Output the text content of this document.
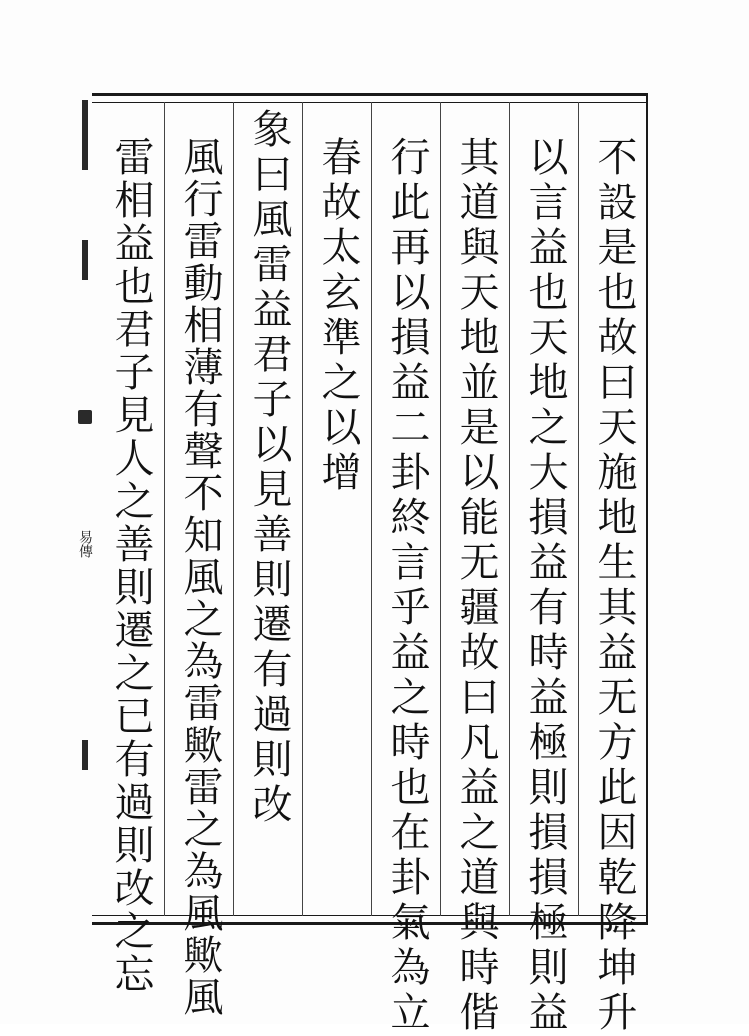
不設是也故曰天施地生其益无方此因乾降坤升
以言益也天地之大損益有時益極則損損極則益
其道與天地並是以能无疆故曰凡益之道與時偕
行此再以損益二卦終言乎益之時也在卦氣為立
春故太玄準之以增
象曰風雷益君子以見善則遷有過則改
風行雷動相薄有聲不知風之為雷歟雷之為風歟風
雷相益也君子見人之善則遷之已有過則改之忘
易傳
